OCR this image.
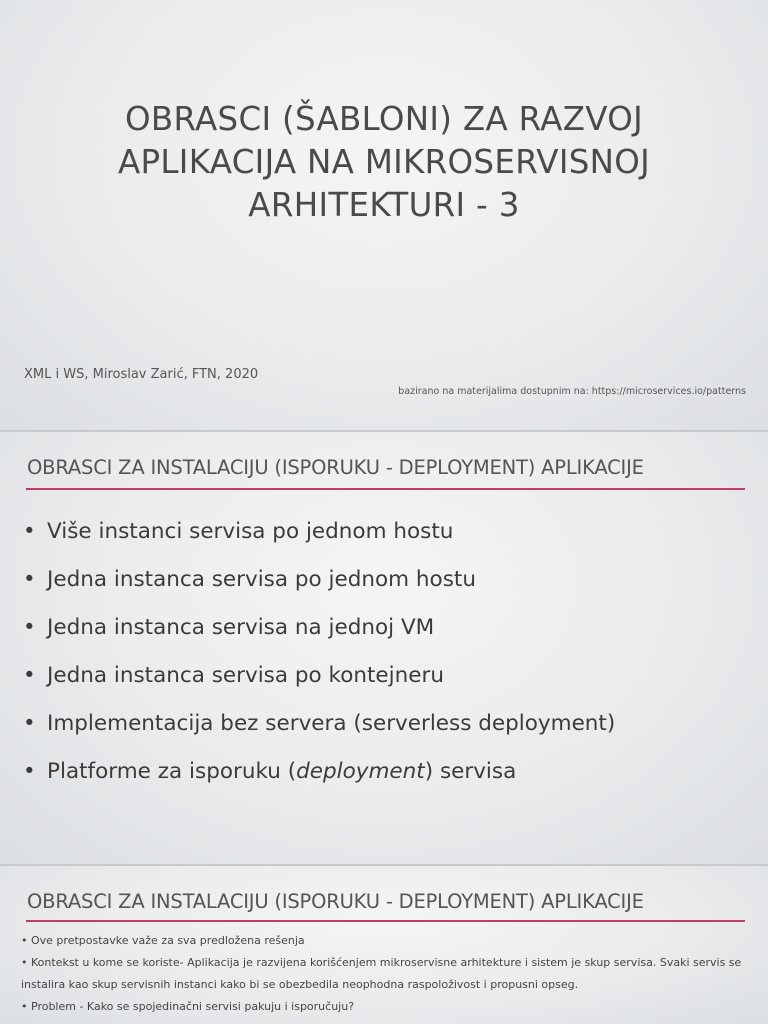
OBRASCI (ŠABLONI) ZA RAZVOJ
APLIKACIJA NA MIKROSERVISNOJ
ARHITEKTURI - 3
XML i WS, Miroslav Zarić, FTN, 2020
bazirano na materijalima dostupnim na: https://microservices.io/patterns
OBRASCI ZA INSTALACIJU (ISPORUKU - DEPLOYMENT) APLIKACIJE
• Više instanci servisa po jednom hostu
• Jedna instanca servisa po jednom hostu
• Jedna instanca servisa na jednoj VM
• Jedna instanca servisa po kontejneru
• Implementacija bez servera (serverless deployment)
• Platforme za isporuku (deployment) servisa
OBRASCI ZA INSTALACIJU (ISPORUKU - DEPLOYMENT) APLIKACIJE
• Ove pretpostavke važe za sva predložena rešenja
• Kontekst u kome se koriste- Aplikacija je razvijena korišćenjem mikroservisne arhitekture i sistem je skup servisa. Svaki servis se instalira kao skup servisnih instanci kako bi se obezbedila neophodna raspoloživost i propusni opseg.
• Problem - Kako se spojedinačni servisi pakuju i isporučuju?
